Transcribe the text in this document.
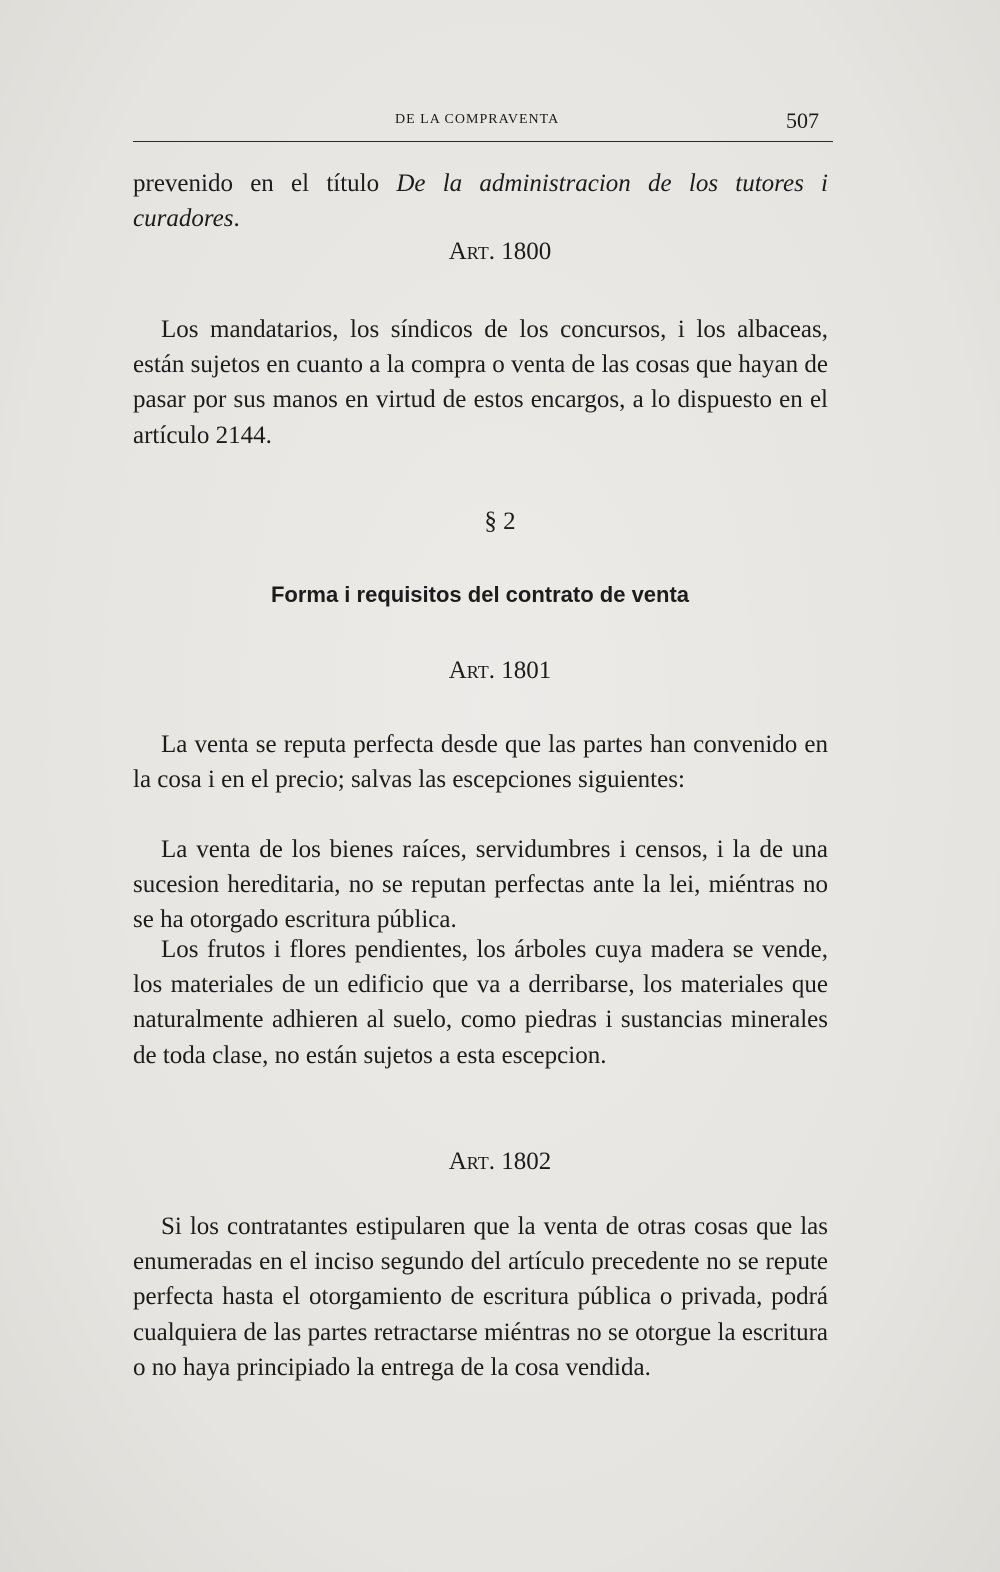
DE LA COMPRAVENTA	507
prevenido en el título De la administracion de los tutores i curadores.
Art. 1800
Los mandatarios, los síndicos de los concursos, i los albaceas, están sujetos en cuanto a la compra o venta de las cosas que hayan de pasar por sus manos en virtud de estos encargos, a lo dispuesto en el artículo 2144.
§ 2
Forma i requisitos del contrato de venta
Art. 1801
La venta se reputa perfecta desde que las partes han convenido en la cosa i en el precio; salvas las escepciones siguientes:
La venta de los bienes raíces, servidumbres i censos, i la de una sucesion hereditaria, no se reputan perfectas ante la lei, miéntras no se ha otorgado escritura pública.
Los frutos i flores pendientes, los árboles cuya madera se vende, los materiales de un edificio que va a derribarse, los materiales que naturalmente adhieren al suelo, como piedras i sustancias minerales de toda clase, no están sujetos a esta escepcion.
Art. 1802
Si los contratantes estipularen que la venta de otras cosas que las enumeradas en el inciso segundo del artículo precedente no se repute perfecta hasta el otorgamiento de escritura pública o privada, podrá cualquiera de las partes retractarse miéntras no se otorgue la escritura o no haya principiado la entrega de la cosa vendida.
